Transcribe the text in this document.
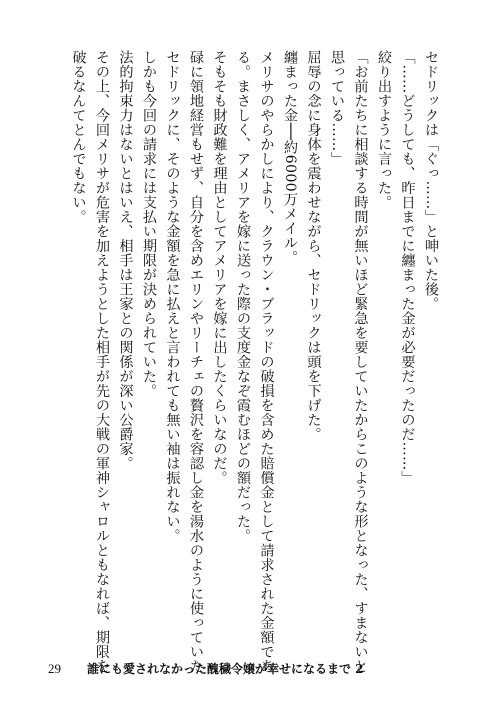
セドリックは「ぐっ……」と呻いた後。

「……どうしても、昨日までに纏まった金が必要だったのだ……」

絞り出すように言った。

「お前たちに相談する時間が無いほど緊急を要していたからこのような形となった、すまないと

思っている……」

屈辱の念に身体を震わせながら、セドリックは頭を下げた。

纏まった金──約6000万メイル。

メリサのやらかしにより、クラウン・ブラッドの破損を含めた賠償金として請求された金額であ

る。まさしく、アメリアを嫁に送った際の支度金なぞ霞むほどの額だった。

そもそも財政難を理由としてアメリアを嫁に出したくらいなのだ。

碌に領地経営もせず、自分を含めエリンやリーチェの贅沢を容認し金を湯水のように使っていた

セドリックに、そのような金額を急に払えと言われても無い袖は振れない。

しかも今回の請求には支払い期限が決められていた。

法的拘束力はないとはいえ、相手は王家との関係が深い公爵家。

その上、今回メリサが危害を加えようとした相手が先の大戦の軍神シャロルともなれば、期限を

破るなんてとんでもない。

29 誰にも愛されなかった醜穢令嬢が幸せになるまで 2
